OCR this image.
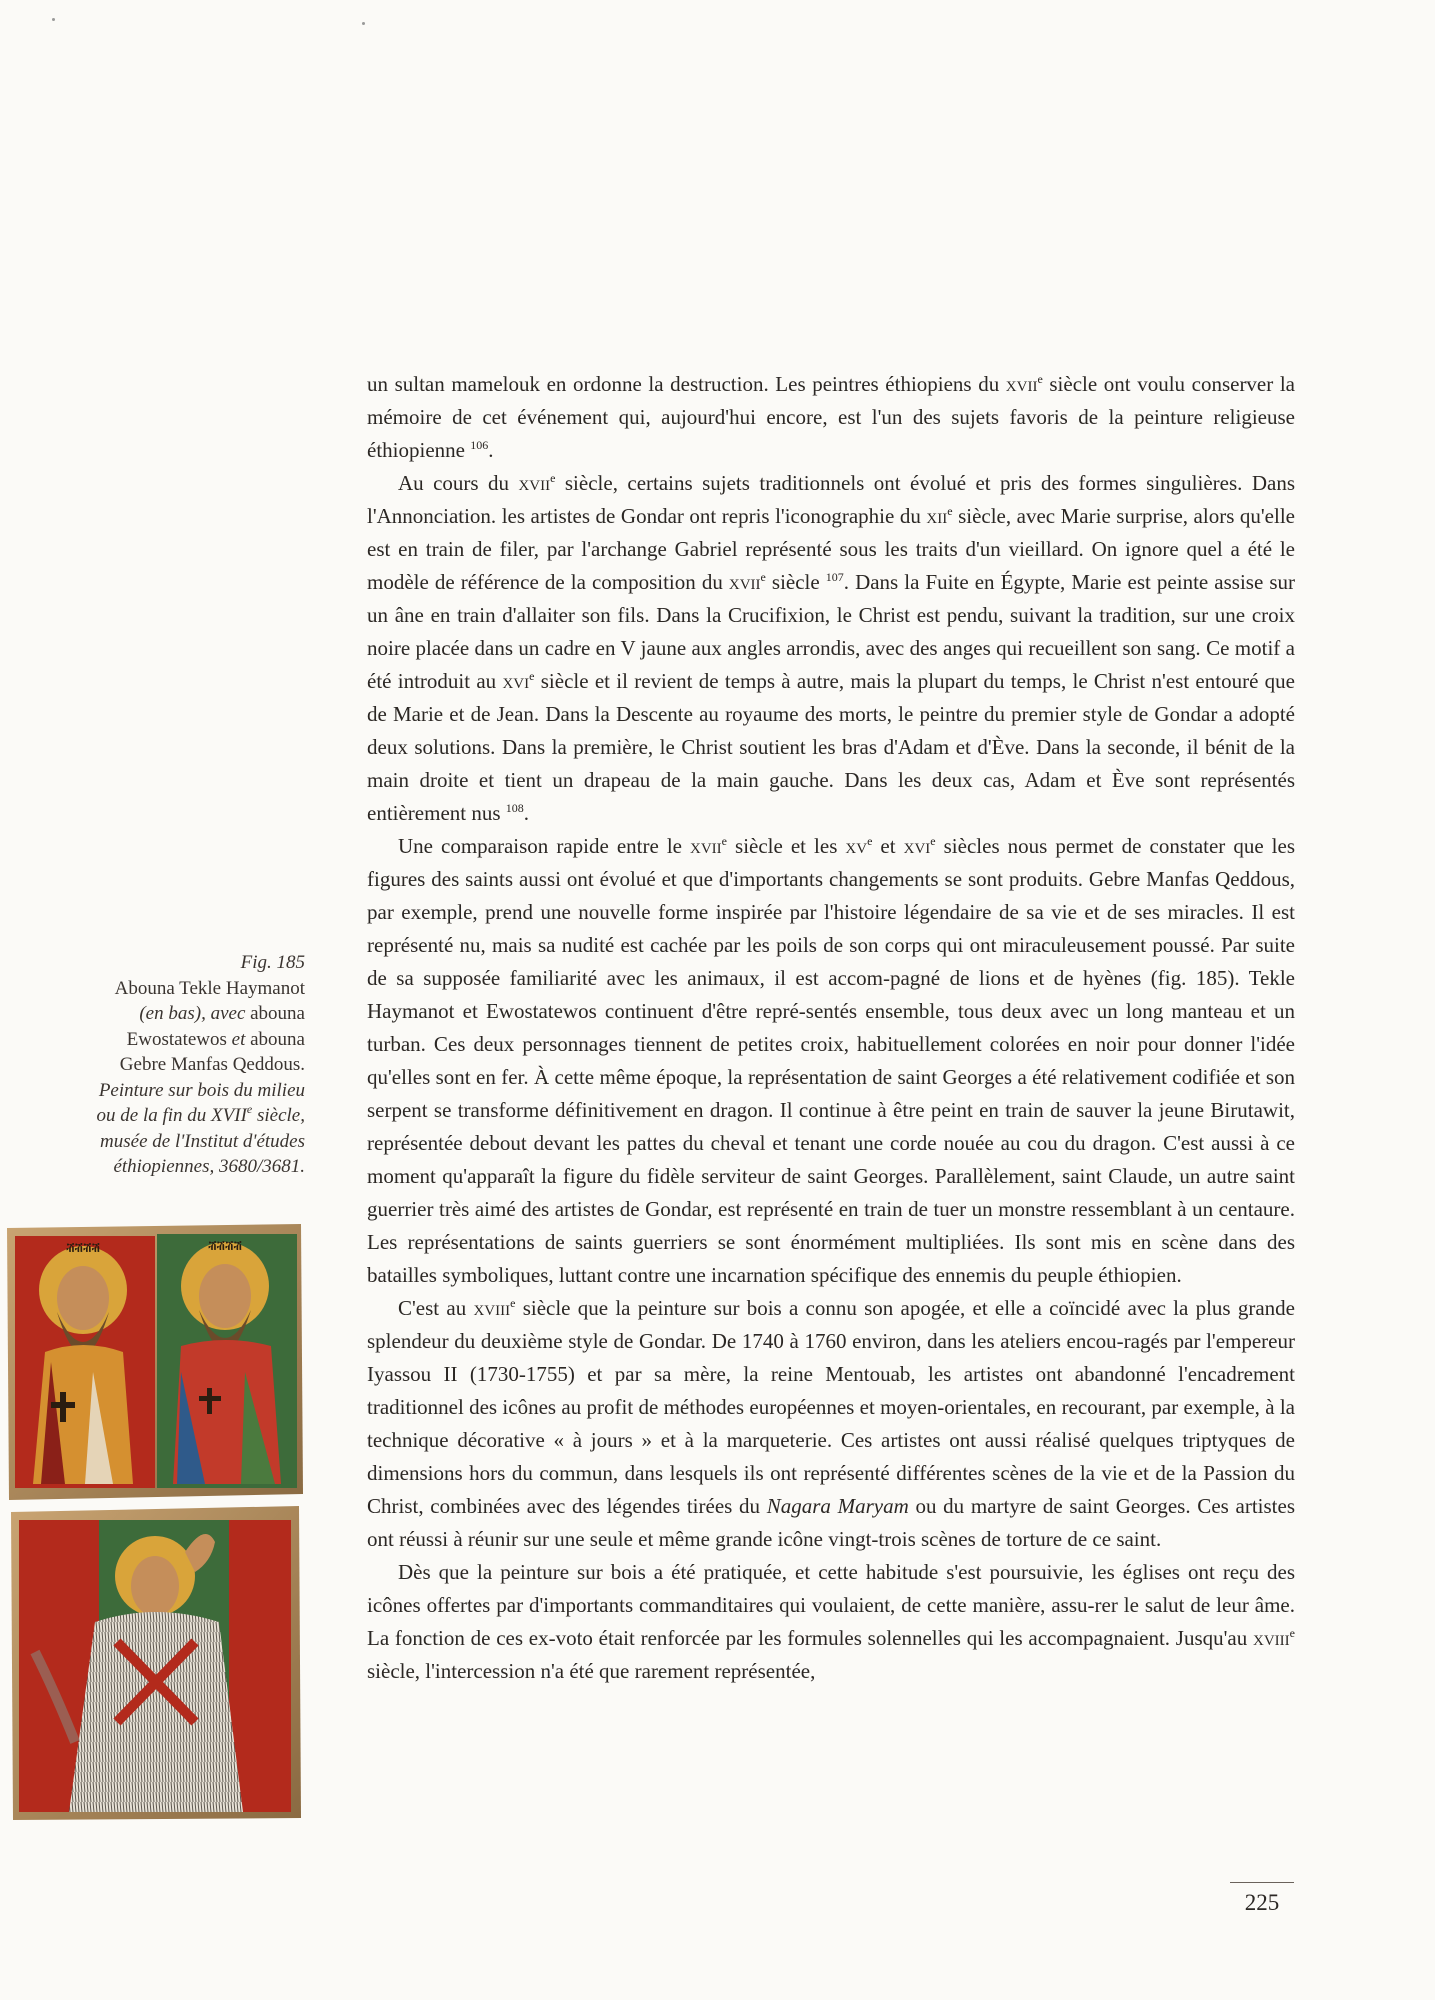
Fig. 185
Abouna Tekle Haymanot
(en bas), avec abouna
Ewostatewos et abouna
Gebre Manfas Qeddous.
Peinture sur bois du milieu
ou de la fin du XVIIe siècle,
musée de l'Institut d'études
éthiopiennes, 3680/3681.
ⶥⶥⶥⶥ	ⶥⶥⶥⶥ

un sultan mamelouk en ordonne la destruction. Les peintres éthiopiens du xvii$^e$ siècle ont voulu conserver la mémoire de cet événement qui, aujourd'hui encore, est l'un des sujets favoris de la peinture religieuse éthiopienne $^{106}$.

Au cours du xvii$^e$ siècle, certains sujets traditionnels ont évolué et pris des formes singulières. Dans l'Annonciation. les artistes de Gondar ont repris l'iconographie du xii$^e$ siècle, avec Marie surprise, alors qu'elle est en train de filer, par l'archange Gabriel représenté sous les traits d'un vieillard. On ignore quel a été le modèle de référence de la composition du xvii$^e$ siècle $^{107}$. Dans la Fuite en Égypte, Marie est peinte assise sur un âne en train d'allaiter son fils. Dans la Crucifixion, le Christ est pendu, suivant la tradition, sur une croix noire placée dans un cadre en V jaune aux angles arrondis, avec des anges qui recueillent son sang. Ce motif a été introduit au xvi$^e$ siècle et il revient de temps à autre, mais la plupart du temps, le Christ n'est entouré que de Marie et de Jean. Dans la Descente au royaume des morts, le peintre du premier style de Gondar a adopté deux solutions. Dans la première, le Christ soutient les bras d'Adam et d'Ève. Dans la seconde, il bénit de la main droite et tient un drapeau de la main gauche. Dans les deux cas, Adam et Ève sont représentés entièrement nus $^{108}$.

Une comparaison rapide entre le xvii$^e$ siècle et les $xv^e$ et xvi$^e$ siècles nous permet de constater que les figures des saints aussi ont évolué et que d'importants changements se sont produits. Gebre Manfas Qeddous, par exemple, prend une nouvelle forme inspirée par l'histoire légendaire de sa vie et de ses miracles. Il est représenté nu, mais sa nudité est cachée par les poils de son corps qui ont miraculeusement poussé. Par suite de sa supposée familiarité avec les animaux, il est accom-pagné de lions et de hyènes (fig. 185). Tekle Haymanot et Ewostatewos continuent d'être repré-sentés ensemble, tous deux avec un long manteau et un turban. Ces deux personnages tiennent de petites croix, habituellement colorées en noir pour donner l'idée qu'elles sont en fer. À cette même époque, la représentation de saint Georges a été relativement codifiée et son serpent se transforme définitivement en dragon. Il continue à être peint en train de sauver la jeune Birutawit, représentée debout devant les pattes du cheval et tenant une corde nouée au cou du dragon. C'est aussi à ce moment qu'apparaît la figure du fidèle serviteur de saint Georges. Parallèlement, saint Claude, un autre saint guerrier très aimé des artistes de Gondar, est représenté en train de tuer un monstre ressemblant à un centaure. Les représentations de saints guerriers se sont énormément multipliées. Ils sont mis en scène dans des batailles symboliques, luttant contre une incarnation spécifique des ennemis du peuple éthiopien.

C'est au xviii$^e$ siècle que la peinture sur bois a connu son apogée, et elle a coïncidé avec la plus grande splendeur du deuxième style de Gondar. De 1740 à 1760 environ, dans les ateliers encou-ragés par l'empereur Iyassou II (1730-1755) et par sa mère, la reine Mentouab, les artistes ont abandonné l'encadrement traditionnel des icônes au profit de méthodes européennes et moyen-orientales, en recourant, par exemple, à la technique décorative « à jours » et à la marqueterie. Ces artistes ont aussi réalisé quelques triptyques de dimensions hors du commun, dans lesquels ils ont représenté différentes scènes de la vie et de la Passion du Christ, combinées avec des légendes tirées du Nagara Maryam ou du martyre de saint Georges. Ces artistes ont réussi à réunir sur une seule et même grande icône vingt-trois scènes de torture de ce saint.

Dès que la peinture sur bois a été pratiquée, et cette habitude s'est poursuivie, les églises ont reçu des icônes offertes par d'importants commanditaires qui voulaient, de cette manière, assu-rer le salut de leur âme. La fonction de ces ex-voto était renforcée par les formules solennelles qui les accompagnaient. Jusqu'au xviii$^e$ siècle, l'intercession n'a été que rarement représentée,

225
